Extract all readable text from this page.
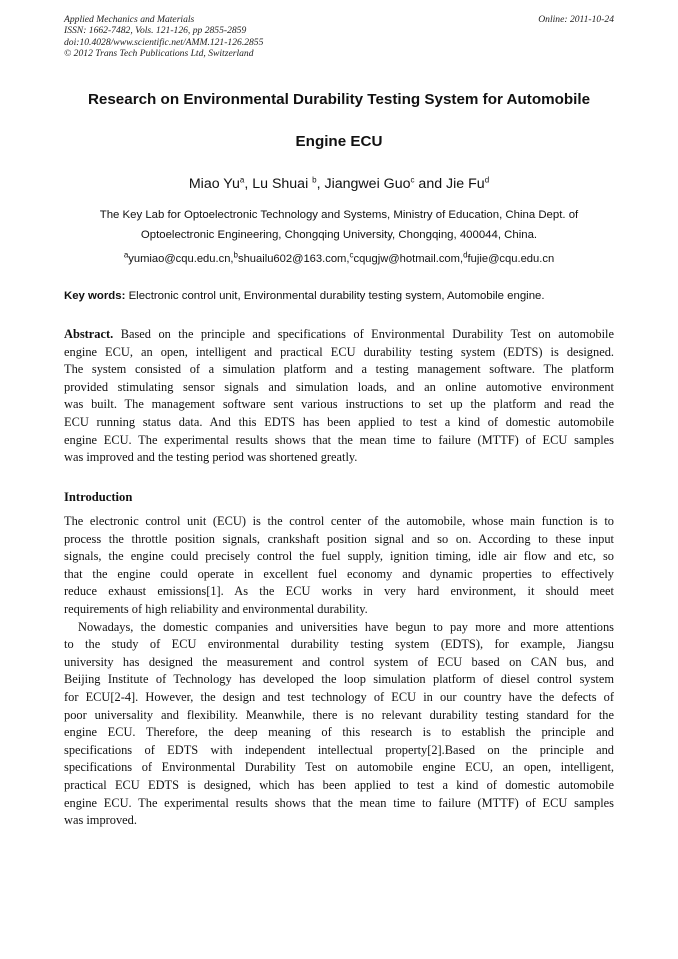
Applied Mechanics and Materials
ISSN: 1662-7482, Vols. 121-126, pp 2855-2859
doi:10.4028/www.scientific.net/AMM.121-126.2855
© 2012 Trans Tech Publications Ltd, Switzerland
Online: 2011-10-24
Research on Environmental Durability Testing System for Automobile
Engine ECU
Miao Yu$^a$, Lu Shuai $^b$, Jiangwei Guo$^c$ and Jie Fu$^d$
The Key Lab for Optoelectronic Technology and Systems, Ministry of Education, China Dept. of
Optoelectronic Engineering, Chongqing University, Chongqing, 400044, China.
$^a$yumiao@cqu.edu.cn,$^b$shuailu602@163.com,$^c$cqugjw@hotmail.com,$^d$fujie@cqu.edu.cn
Key words: Electronic control unit, Environmental durability testing system, Automobile engine.
Abstract. Based on the principle and specifications of Environmental Durability Test on automobile
engine ECU, an open, intelligent and practical ECU durability testing system (EDTS) is designed.
The system consisted of a simulation platform and a testing management software. The platform
provided stimulating sensor signals and simulation loads, and an online automotive environment
was built. The management software sent various instructions to set up the platform and read the
ECU running status data. And this EDTS has been applied to test a kind of domestic automobile
engine ECU. The experimental results shows that the mean time to failure (MTTF) of ECU samples
was improved and the testing period was shortened greatly.
Introduction
The electronic control unit (ECU) is the control center of the automobile, whose main function is to
process the throttle position signals, crankshaft position signal and so on. According to these input
signals, the engine could precisely control the fuel supply, ignition timing, idle air flow and etc, so
that the engine could operate in excellent fuel economy and dynamic properties to effectively
reduce exhaust emissions[1]. As the ECU works in very hard environment, it should meet
requirements of high reliability and environmental durability.
Nowadays, the domestic companies and universities have begun to pay more and more attentions
to the study of ECU environmental durability testing system (EDTS), for example, Jiangsu
university has designed the measurement and control system of ECU based on CAN bus, and
Beijing Institute of Technology has developed the loop simulation platform of diesel control system
for ECU[2-4]. However, the design and test technology of ECU in our country have the defects of
poor universality and flexibility. Meanwhile, there is no relevant durability testing standard for the
engine ECU. Therefore, the deep meaning of this research is to establish the principle and
specifications of EDTS with independent intellectual property[2].Based on the principle and
specifications of Environmental Durability Test on automobile engine ECU, an open, intelligent,
practical ECU EDTS is designed, which has been applied to test a kind of domestic automobile
engine ECU. The experimental results shows that the mean time to failure (MTTF) of ECU samples
was improved.
